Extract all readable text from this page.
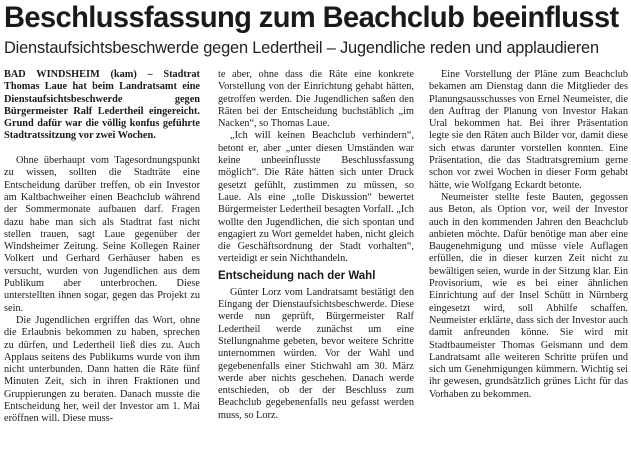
Beschlussfassung zum Beachclub beeinflusst
Dienstaufsichtsbeschwerde gegen Ledertheil – Jugendliche reden und applaudieren

BAD WINDSHEIM (kam) – Stadtrat Thomas Laue hat beim Landratsamt eine Dienstaufsichtsbeschwerde gegen Bürgermeister Ralf Ledertheil eingereicht. Grund dafür war die völlig konfus geführte Stadtratssitzung vor zwei Wochen.

Ohne überhaupt vom Tagesordnungspunkt zu wissen, sollten die Stadträte eine Entscheidung darüber treffen, ob ein Investor am Kaltbachweiher einen Beachclub während der Sommermonate aufbauen darf. Fragen dazu habe man sich als Stadtrat fast nicht stellen trauen, sagt Laue gegenüber der Windsheimer Zeitung. Seine Kollegen Rainer Volkert und Gerhard Gerhäuser haben es versucht, wurden von Jugendlichen aus dem Publikum aber unterbrochen. Diese unterstellten ihnen sogar, gegen das Projekt zu sein.

Die Jugendlichen ergriffen das Wort, ohne die Erlaubnis bekommen zu haben, sprechen zu dürfen, und Ledertheil ließ dies zu. Auch Applaus seitens des Publikums wurde von ihm nicht unterbunden. Dann hatten die Räte fünf Minuten Zeit, sich in ihren Fraktionen und Gruppierungen zu beraten. Danach musste die Entscheidung her, weil der Investor am 1. Mai eröffnen will. Diese muss-

te aber, ohne dass die Räte eine konkrete Vorstellung von der Einrichtung gehabt hätten, getroffen werden. Die Jugendlichen saßen den Räten bei der Entscheidung buchstäblich „im Nacken“, so Thomas Laue.

„Ich will keinen Beachclub verhindern“, betont er, aber „unter diesen Umständen war keine unbeeinflusste Beschlussfassung möglich“. Die Räte hätten sich unter Druck gesetzt gefühlt, zustimmen zu müssen, so Laue. Als eine „tolle Diskussion“ bewertet Bürgermeister Ledertheil besagten Vorfall. „Ich wollte den Jugendlichen, die sich spontan und engagiert zu Wort gemeldet haben, nicht gleich die Geschäftsordnung der Stadt vorhalten“, verteidigt er sein Nichthandeln.

Entscheidung nach der Wahl

Günter Lorz vom Landratsamt bestätigt den Eingang der Dienstaufsichtsbeschwerde. Diese werde nun geprüft, Bürgermeister Ralf Ledertheil werde zunächst um eine Stellungnahme gebeten, bevor weitere Schritte unternommen würden. Vor der Wahl und gegebenenfalls einer Stichwahl am 30. März werde aber nichts geschehen. Danach werde entschieden, ob der der Beschluss zum Beachclub gegebenenfalls neu gefasst werden muss, so Lorz.

Eine Vorstellung der Pläne zum Beachclub bekamen am Dienstag dann die Mitglieder des Planungsausschusses von Ernel Neumeister, die den Auftrag der Planung von Investor Hakan Ural bekommen hat. Bei ihrer Präsentation legte sie den Räten auch Bilder vor, damit diese sich etwas darunter vorstellen konnten. Eine Präsentation, die das Stadtratsgremium gerne schon vor zwei Wochen in dieser Form gehabt hätte, wie Wolfgang Eckardt betonte.

Neumeister stellte feste Bauten, gegossen aus Beton, als Option vor, weil der Investor auch in den kommenden Jahren den Beachclub anbieten möchte. Dafür benötige man aber eine Baugenehmigung und müsse viele Auflagen erfüllen, die in dieser kurzen Zeit nicht zu bewältigen seien, wurde in der Sitzung klar. Ein Provisorium, wie es bei einer ähnlichen Einrichtung auf der Insel Schütt in Nürnberg eingesetzt wird, soll Abhilfe schaffen. Neumeister erklärte, dass sich der Investor auch damit anfreunden könne. Sie wird mit Stadtbaumeister Thomas Geismann und dem Landratsamt alle weiteren Schritte prüfen und sich um Genehmigungen kümmern. Wichtig sei ihr gewesen, grundsätzlich grünes Licht für das Vorhaben zu bekommen.
